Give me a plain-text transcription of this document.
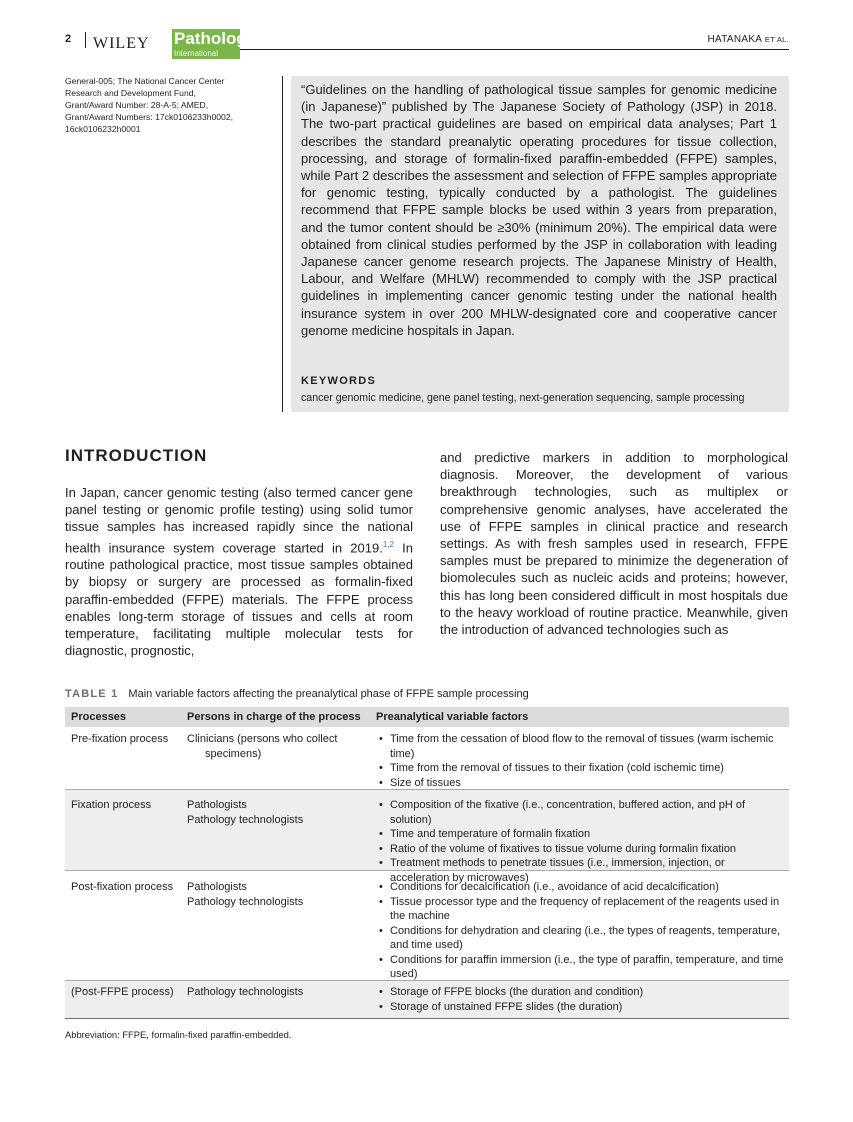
2 WILEY Pathology
International
HATANAKA ET AL.
General-005; The National Cancer Center
Research and Development Fund,
Grant/Award Number: 28-A-5; AMED,
Grant/Award Numbers: 17ck0106233h0002,
16ck0106232h0001
“Guidelines on the handling of pathological tissue samples for genomic medicine (in Japanese)” published by The Japanese Society of Pathology (JSP) in 2018. The two-part practical guidelines are based on empirical data analyses; Part 1 describes the standard preanalytic operating procedures for tissue collection, processing, and storage of formalin-fixed paraffin-embedded (FFPE) samples, while Part 2 describes the assessment and selection of FFPE samples appropriate for genomic testing, typically conducted by a pathologist. The guidelines recommend that FFPE sample blocks be used within 3 years from preparation, and the tumor content should be ≥30% (minimum 20%). The empirical data were obtained from clinical studies performed by the JSP in collaboration with leading Japanese cancer genome research projects. The Japanese Ministry of Health, Labour, and Welfare (MHLW) recommended to comply with the JSP practical guidelines in implementing cancer genomic testing under the national health insurance system in over 200 MHLW-designated core and cooperative cancer genome medicine hospitals in Japan.
KEYWORDS
cancer genomic medicine, gene panel testing, next-generation sequencing, sample processing
INTRODUCTION
In Japan, cancer genomic testing (also termed cancer gene panel testing or genomic profile testing) using solid tumor tissue samples has increased rapidly since the national health insurance system coverage started in 2019.$^{1,2}$ In routine pathological practice, most tissue samples obtained by biopsy or surgery are processed as formalin-fixed paraffin-embedded (FFPE) materials. The FFPE process enables long-term storage of tissues and cells at room temperature, facilitating multiple molecular tests for diagnostic, prognostic,
and predictive markers in addition to morphological diagnosis. Moreover, the development of various breakthrough technologies, such as multiplex or comprehensive genomic analyses, have accelerated the use of FFPE samples in clinical practice and research settings. As with fresh samples used in research, FFPE samples must be prepared to minimize the degeneration of biomolecules such as nucleic acids and proteins; however, this has long been considered difficult in most hospitals due to the heavy workload of routine practice. Meanwhile, given the introduction of advanced technologies such as
TABLE 1 Main variable factors affecting the preanalytical phase of FFPE sample processing
Processes	Persons in charge of the process Preanalytical variable factors
Pre-fixation process	Clinicians (persons who collect specimens)
• Time from the cessation of blood flow to the removal of tissues (warm ischemic time)
• Time from the removal of tissues to their fixation (cold ischemic time)
• Size of tissues
Fixation process	Pathologists
Pathology technologists
• Composition of the fixative (i.e., concentration, buffered action, and pH of solution)
• Time and temperature of formalin fixation
• Ratio of the volume of fixatives to tissue volume during formalin fixation
• Treatment methods to penetrate tissues (i.e., immersion, injection, or acceleration by microwaves)
Post-fixation process	Pathologists
Pathology technologists
• Conditions for decalcification (i.e., avoidance of acid decalcification)
• Tissue processor type and the frequency of replacement of the reagents used in the machine
• Conditions for dehydration and clearing (i.e., the types of reagents, temperature, and time used)
• Conditions for paraffin immersion (i.e., the type of paraffin, temperature, and time used)
(Post-FFPE process)	Pathology technologists
•	Storage of FFPE blocks (the duration and condition)
• Storage of unstained FFPE slides (the duration)
Abbreviation: FFPE, formalin-fixed paraffin-embedded.
